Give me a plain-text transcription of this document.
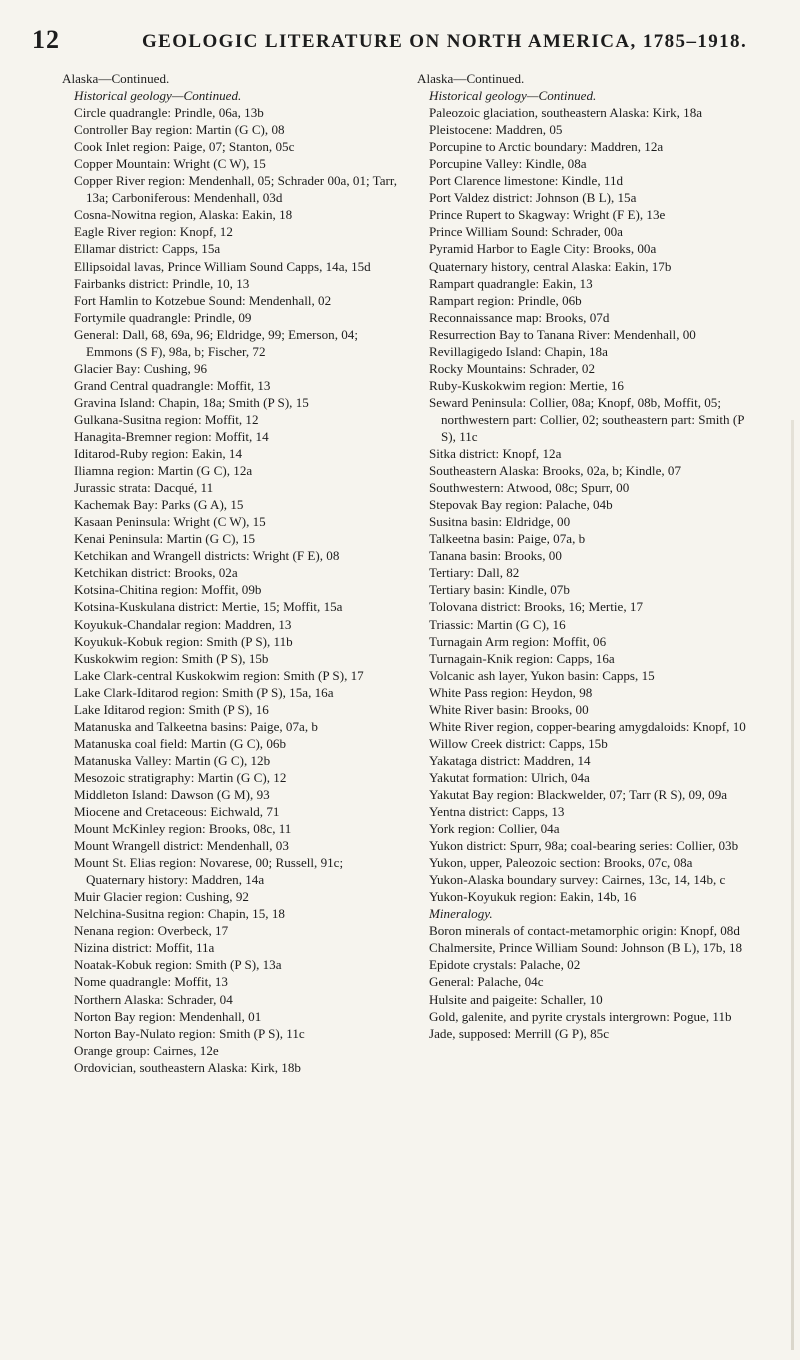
12	GEOLOGIC LITERATURE ON NORTH AMERICA, 1785–1918.
Alaska—Continued.
Historical geology—Continued.
Circle quadrangle: Prindle, 06a, 13b
Controller Bay region: Martin (G C), 08
Cook Inlet region: Paige, 07; Stanton, 05c
Copper Mountain: Wright (C W), 15
Copper River region: Mendenhall, 05; Schrader 00a, 01; Tarr, 13a; Carboniferous: Mendenhall, 03d
Cosna-Nowitna region, Alaska: Eakin, 18
Eagle River region: Knopf, 12
Ellamar district: Capps, 15a
Ellipsoidal lavas, Prince William Sound Capps, 14a, 15d
Fairbanks district: Prindle, 10, 13
Fort Hamlin to Kotzebue Sound: Mendenhall, 02
Fortymile quadrangle: Prindle, 09
General: Dall, 68, 69a, 96; Eldridge, 99; Emerson, 04; Emmons (S F), 98a, b; Fischer, 72
Glacier Bay: Cushing, 96
Grand Central quadrangle: Moffit, 13
Gravina Island: Chapin, 18a; Smith (P S), 15
Gulkana-Susitna region: Moffit, 12
Hanagita-Bremner region: Moffit, 14
Iditarod-Ruby region: Eakin, 14
Iliamna region: Martin (G C), 12a
Jurassic strata: Dacqué, 11
Kachemak Bay: Parks (G A), 15
Kasaan Peninsula: Wright (C W), 15
Kenai Peninsula: Martin (G C), 15
Ketchikan and Wrangell districts: Wright (F E), 08
Ketchikan district: Brooks, 02a
Kotsina-Chitina region: Moffit, 09b
Kotsina-Kuskulana district: Mertie, 15; Moffit, 15a
Koyukuk-Chandalar region: Maddren, 13
Koyukuk-Kobuk region: Smith (P S), 11b
Kuskokwim region: Smith (P S), 15b
Lake Clark-central Kuskokwim region: Smith (P S), 17
Lake Clark-Iditarod region: Smith (P S), 15a, 16a
Lake Iditarod region: Smith (P S), 16
Matanuska and Talkeetna basins: Paige, 07a, b
Matanuska coal field: Martin (G C), 06b
Matanuska Valley: Martin (G C), 12b
Mesozoic stratigraphy: Martin (G C), 12
Middleton Island: Dawson (G M), 93
Miocene and Cretaceous: Eichwald, 71
Mount McKinley region: Brooks, 08c, 11
Mount Wrangell district: Mendenhall, 03
Mount St. Elias region: Novarese, 00; Russell, 91c; Quaternary history: Maddren, 14a
Muir Glacier region: Cushing, 92
Nelchina-Susitna region: Chapin, 15, 18
Nenana region: Overbeck, 17
Nizina district: Moffit, 11a
Noatak-Kobuk region: Smith (P S), 13a
Nome quadrangle: Moffit, 13
Northern Alaska: Schrader, 04
Norton Bay region: Mendenhall, 01
Norton Bay-Nulato region: Smith (P S), 11c
Orange group: Cairnes, 12e
Ordovician, southeastern Alaska: Kirk, 18b
Alaska—Continued.
Historical geology—Continued.
Paleozoic glaciation, southeastern Alaska: Kirk, 18a
Pleistocene: Maddren, 05
Porcupine to Arctic boundary: Maddren, 12a
Porcupine Valley: Kindle, 08a
Port Clarence limestone: Kindle, 11d
Port Valdez district: Johnson (B L), 15a
Prince Rupert to Skagway: Wright (F E), 13e
Prince William Sound: Schrader, 00a
Pyramid Harbor to Eagle City: Brooks, 00a
Quaternary history, central Alaska: Eakin, 17b
Rampart quadrangle: Eakin, 13
Rampart region: Prindle, 06b
Reconnaissance map: Brooks, 07d
Resurrection Bay to Tanana River: Mendenhall, 00
Revillagigedo Island: Chapin, 18a
Rocky Mountains: Schrader, 02
Ruby-Kuskokwim region: Mertie, 16
Seward Peninsula: Collier, 08a; Knopf, 08b, Moffit, 05; northwestern part: Collier, 02; southeastern part: Smith (P S), 11c
Sitka district: Knopf, 12a
Southeastern Alaska: Brooks, 02a, b; Kindle, 07
Southwestern: Atwood, 08c; Spurr, 00
Stepovak Bay region: Palache, 04b
Susitna basin: Eldridge, 00
Talkeetna basin: Paige, 07a, b
Tanana basin: Brooks, 00
Tertiary: Dall, 82
Tertiary basin: Kindle, 07b
Tolovana district: Brooks, 16; Mertie, 17
Triassic: Martin (G C), 16
Turnagain Arm region: Moffit, 06
Turnagain-Knik region: Capps, 16a
Volcanic ash layer, Yukon basin: Capps, 15
White Pass region: Heydon, 98
White River basin: Brooks, 00
White River region, copper-bearing amygdaloids: Knopf, 10
Willow Creek district: Capps, 15b
Yakataga district: Maddren, 14
Yakutat formation: Ulrich, 04a
Yakutat Bay region: Blackwelder, 07; Tarr (R S), 09, 09a
Yentna district: Capps, 13
York region: Collier, 04a
Yukon district: Spurr, 98a; coal-bearing series: Collier, 03b
Yukon, upper, Paleozoic section: Brooks, 07c, 08a
Yukon-Alaska boundary survey: Cairnes, 13c, 14, 14b, c
Yukon-Koyukuk region: Eakin, 14b, 16
Mineralogy.
Boron minerals of contact-metamorphic origin: Knopf, 08d
Chalmersite, Prince William Sound: Johnson (B L), 17b, 18
Epidote crystals: Palache, 02
General: Palache, 04c
Hulsite and paigeite: Schaller, 10
Gold, galenite, and pyrite crystals intergrown: Pogue, 11b
Jade, supposed: Merrill (G P), 85c
